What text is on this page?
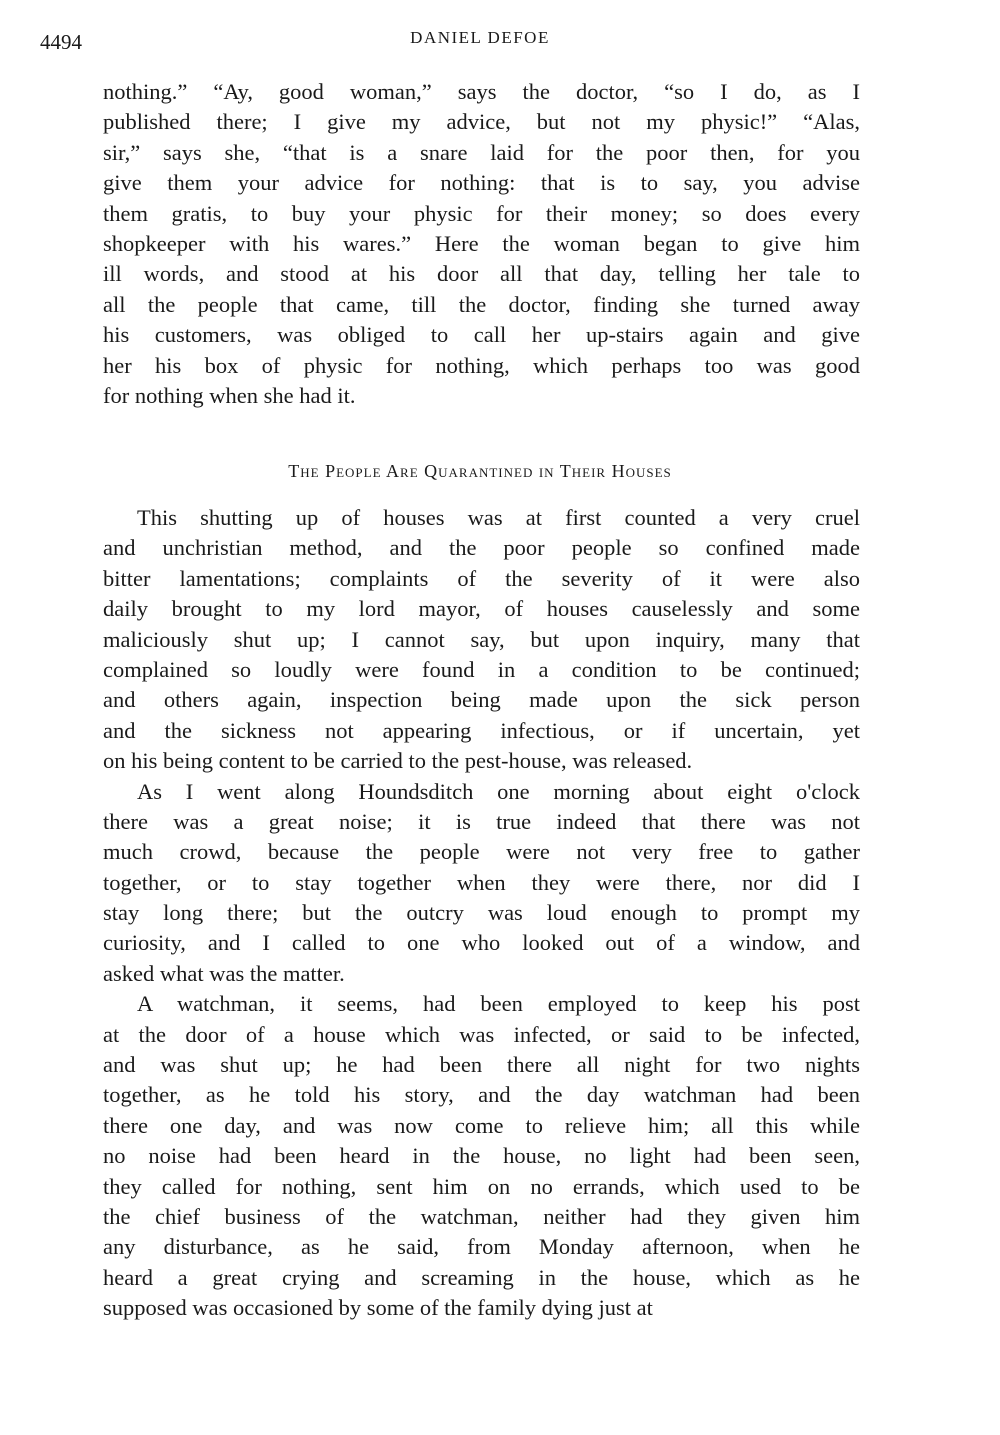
4494	DANIEL DEFOE
nothing.” “Ay, good woman,” says the doctor, “so I do, as I
published there; I give my advice, but not my physic!” “Alas,
sir,” says she, “that is a snare laid for the poor then, for you
give them your advice for nothing: that is to say, you advise
them gratis, to buy your physic for their money; so does every
shopkeeper with his wares.” Here the woman began to give him
ill words, and stood at his door all that day, telling her tale to
all the people that came, till the doctor, finding she turned away
his customers, was obliged to call her up-stairs again and give
her his box of physic for nothing, which perhaps too was good
for nothing when she had it.
The People Are Quarantined in Their Houses
This shutting up of houses was at first counted a very cruel
and unchristian method, and the poor people so confined made
bitter lamentations; complaints of the severity of it were also
daily brought to my lord mayor, of houses causelessly and some
maliciously shut up; I cannot say, but upon inquiry, many that
complained so loudly were found in a condition to be continued;
and others again, inspection being made upon the sick person
and the sickness not appearing infectious, or if uncertain, yet
on his being content to be carried to the pest-house, was released.
As I went along Houndsditch one morning about eight o'clock
there was a great noise; it is true indeed that there was not
much crowd, because the people were not very free to gather
together, or to stay together when they were there, nor did I
stay long there; but the outcry was loud enough to prompt my
curiosity, and I called to one who looked out of a window, and
asked what was the matter.
A watchman, it seems, had been employed to keep his post
at the door of a house which was infected, or said to be infected,
and was shut up; he had been there all night for two nights
together, as he told his story, and the day watchman had been
there one day, and was now come to relieve him; all this while
no noise had been heard in the house, no light had been seen,
they called for nothing, sent him on no errands, which used to be
the chief business of the watchman, neither had they given him
any disturbance, as he said, from Monday afternoon, when he
heard a great crying and screaming in the house, which as he
supposed was occasioned by some of the family dying just at
